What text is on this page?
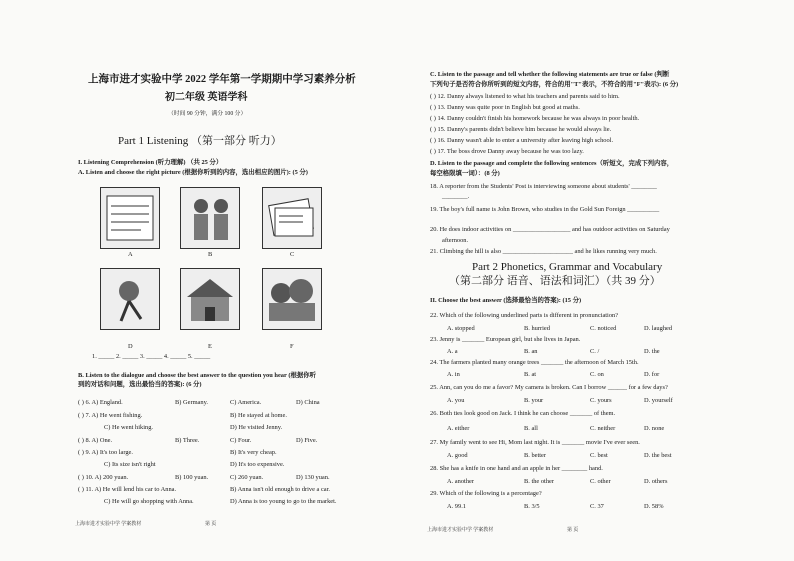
上海市进才实验中学 2022 学年第一学期期中学习素养分析
初二年级 英语学科
（时间 90 分钟，满分 100 分）
Part 1 Listening （第一部分 听力）
I. Listening Comprehension (听力理解) （共 25 分）
A. Listen and choose the right picture (根据你听到的内容，选出相应的图片): (5 分)
A	B	C
D	E	F
1. _____ 2. _____ 3. _____ 4. _____ 5. _____
B. Listen to the dialogue and choose the best answer to the question you hear (根据你听
到的对话和问题，选出最恰当的答案): (6 分)
( ) 6. A) England.	B) Germany.	C) America.	D) China
( ) 7. A) He went fishing.	B) He stayed at home.
C) He went hiking.	D) He visited Jenny.
( ) 8. A) One.	B) Three.	C) Four.	D) Five.
( ) 9. A) It's too large.	B) It's very cheap.
C) Its size isn't right	D) It's too expensive.
( ) 10. A) 200 yuan.	B) 100 yuan.	C) 260 yuan.	D) 130 yuan.
( ) 11. A) He will lend his car to Anna.	B) Anna isn't old enough to drive a car.
C) He will go shopping with Anna.	D) Anna is too young to go to the market.
上海市进才实验中学 学案教材	第 页
C. Listen to the passage and tell whether the following statements are true or false (判断
下列句子是否符合你所听到的短文内容，符合的用"T"表示，不符合的用"F"表示): (6 分)
( ) 12. Danny always listened to what his teachers and parents said to him.
( ) 13. Danny was quite poor in English but good at maths.
( ) 14. Danny couldn't finish his homework because he was always in poor health.
( ) 15. Danny's parents didn't believe him because he would always lie.
( ) 16. Danny wasn't able to enter a university after leaving high school.
( ) 17. The boss drove Danny away because he was too lazy.
D. Listen to the passage and complete the following sentences（听短文，完成下列内容，
每空格限填一词）：(8 分)
18. A reporter from the Students' Post is interviewing someone about students' ________
________.
19. The boy's full name is John Brown, who studies in the Gold Sun Foreign __________
20. He does indoor activities on __________________ and has outdoor activities on Saturday
afternoon.
21. Climbing the hill is also ______________________ and he likes running very much.
Part 2 Phonetics, Grammar and Vocabulary
（第二部分 语音、语法和词汇）（共 39 分）
II. Choose the best answer (选择最恰当的答案): (15 分)
22. Which of the following underlined parts is different in pronunciation?
A. stopped	B. hurried	C. noticed	D. laughed
23. Jenny is _______ European girl, but she lives in Japan.
A. a	B. an	C. /	D. the
24. The farmers planted many orange trees _______ the afternoon of March 15th.
A. in	B. at	C. on	D. for
25. Ann, can you do me a favor? My camera is broken. Can I borrow ______ for a few days?
A. you	B. your	C. yours	D. yourself
26. Both ties look good on Jack. I think he can choose _______ of them.
A. either	B. all	C. neither	D. none
27. My family went to see Hi, Mom last night. It is _______ movie I've ever seen.
A. good	B. better	C. best	D. the best
28. She has a knife in one hand and an apple in her ________ hand.
A. another	B. the other	C. other	D. others
29. Which of the following is a percentage?
A. 99.1	B. 3/5	C. 37	D. 58%
上海市进才实验中学 学案教材	第 页
